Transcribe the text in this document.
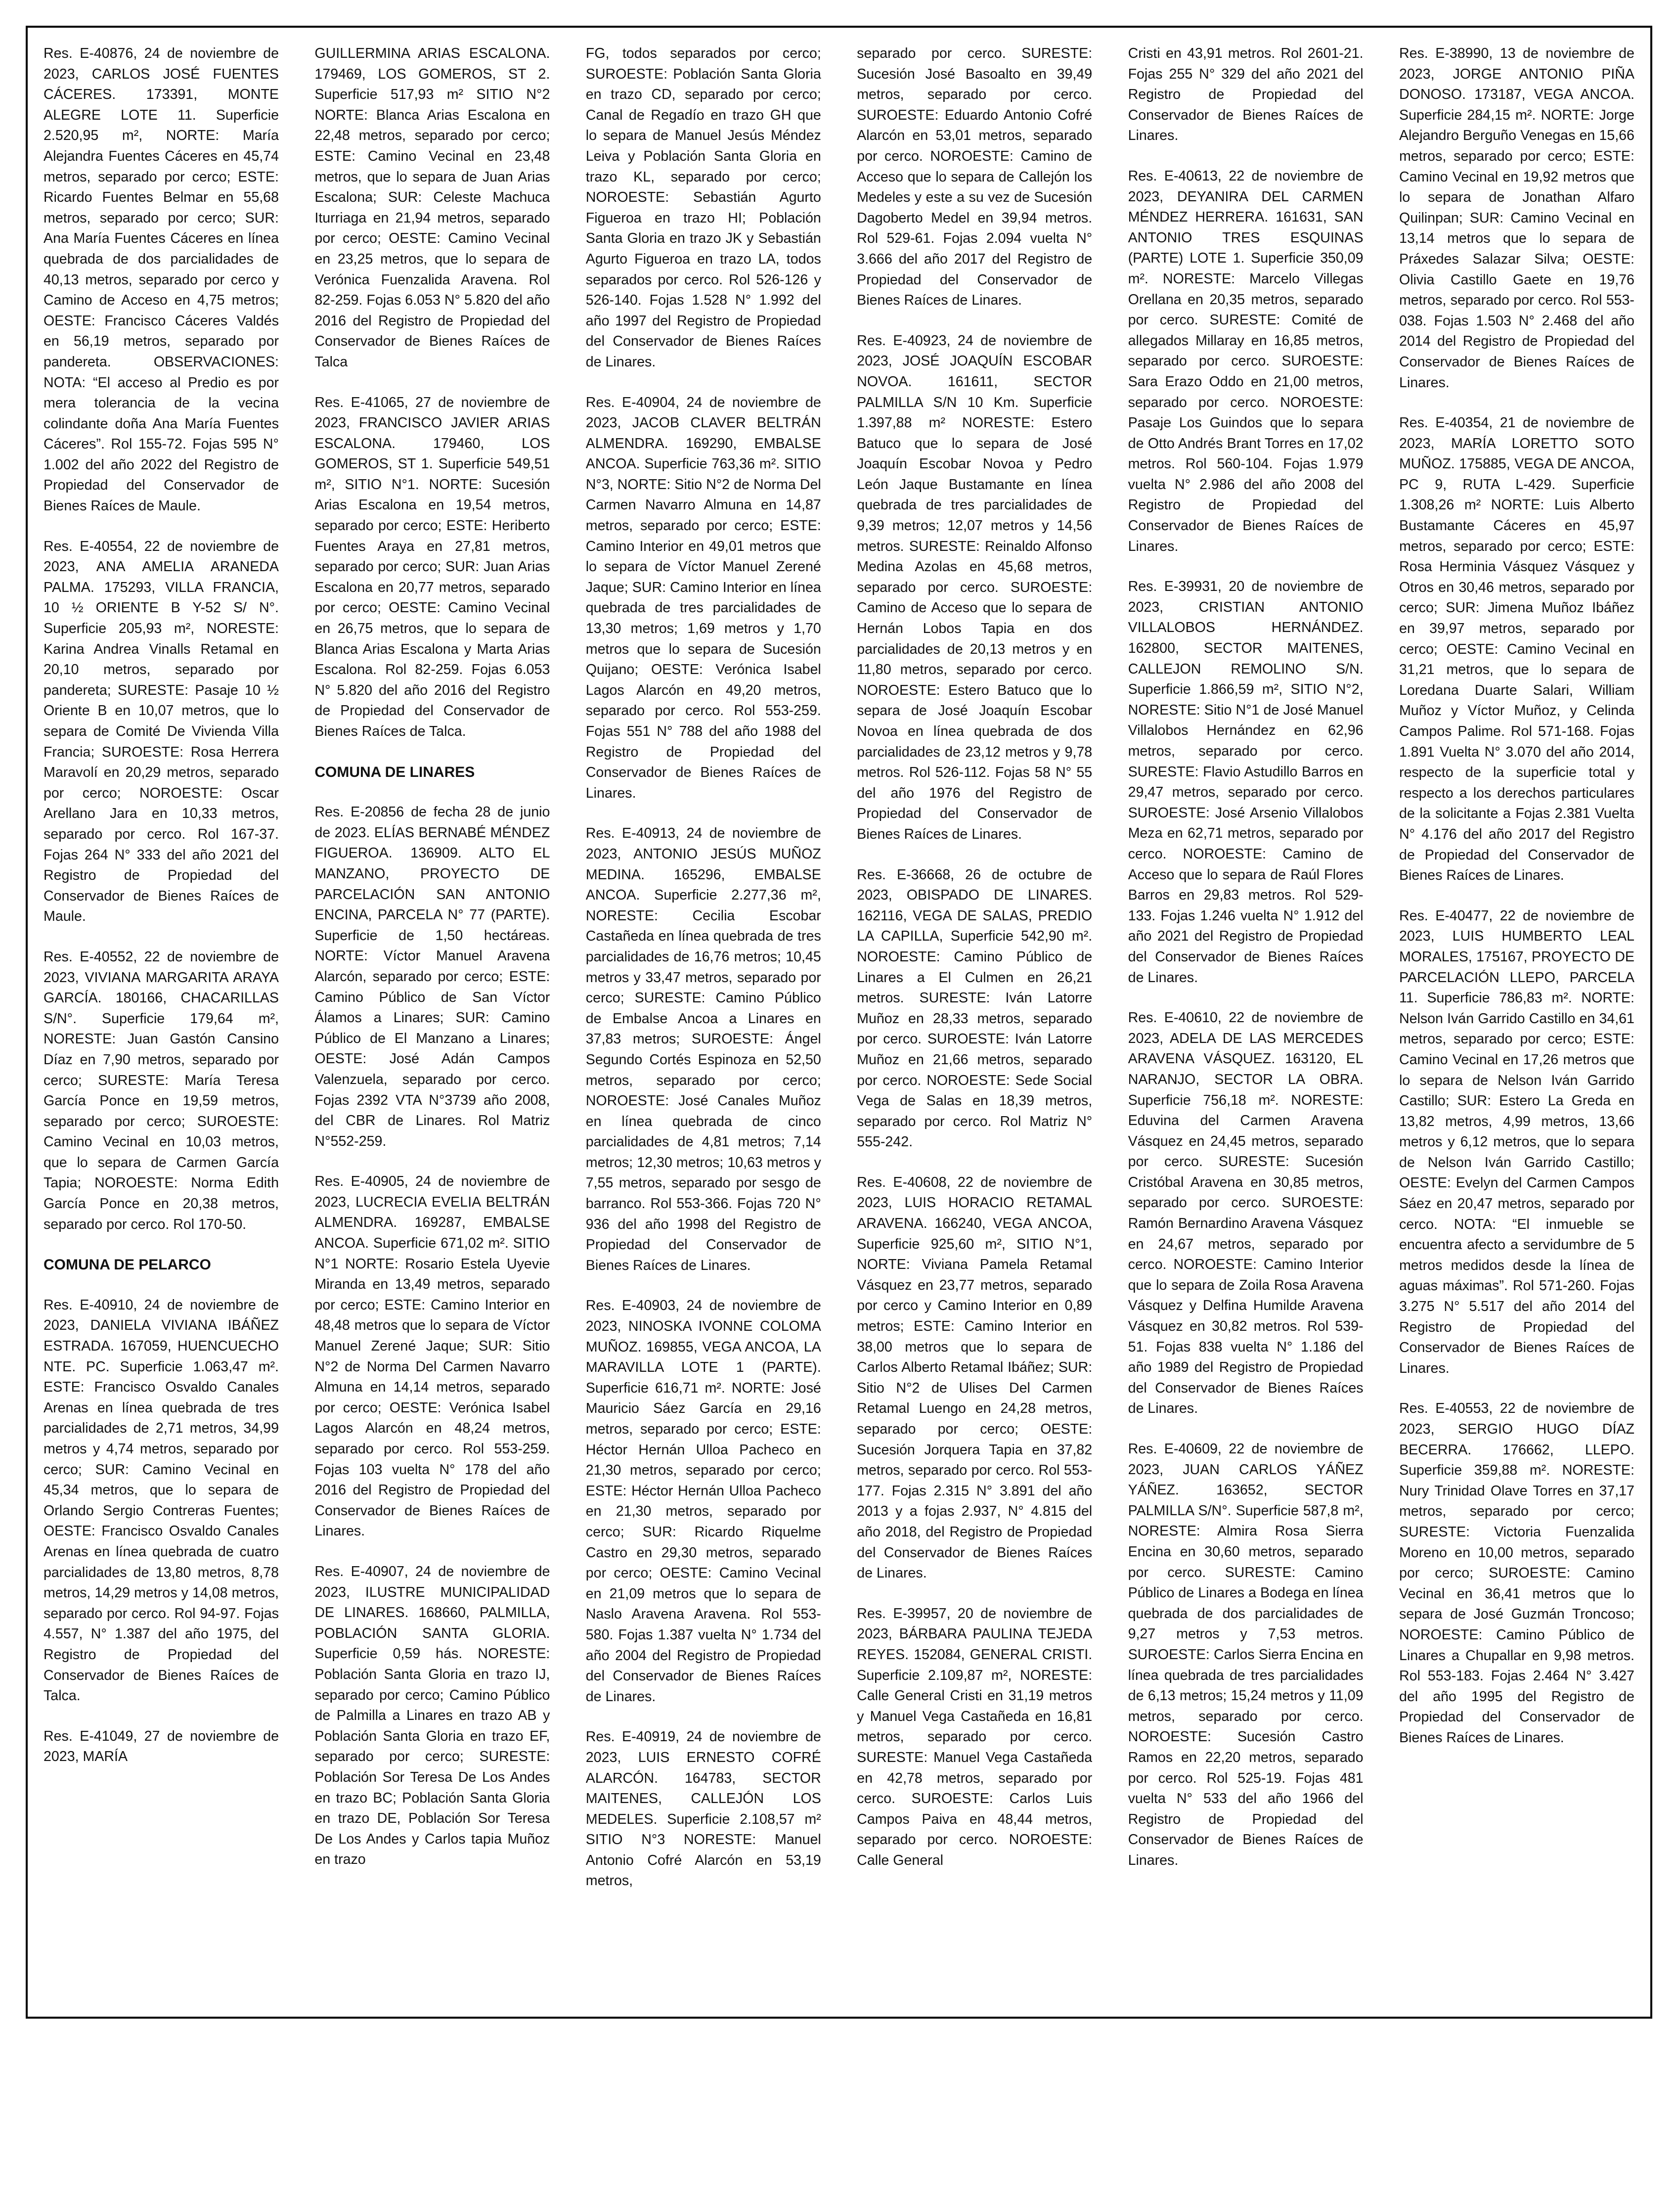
Res. E-40876, 24 de noviembre de 2023, CARLOS JOSÉ FUENTES CÁCERES. 173391, MONTE ALEGRE LOTE 11. Superficie 2.520,95 m², NORTE: María Alejandra Fuentes Cáceres en 45,74 metros, separado por cerco; ESTE: Ricardo Fuentes Belmar en 55,68 metros, separado por cerco; SUR: Ana María Fuentes Cáceres en línea quebrada de dos parcialidades de 40,13 metros, separado por cerco y Camino de Acceso en 4,75 metros; OESTE: Francisco Cáceres Valdés en 56,19 metros, separado por pandereta. OBSERVACIONES: NOTA: “El acceso al Predio es por mera tolerancia de la vecina colindante doña Ana María Fuentes Cáceres”. Rol 155-72. Fojas 595 N° 1.002 del año 2022 del Registro de Propiedad del Conservador de Bienes Raíces de Maule.

Res. E-40554, 22 de noviembre de 2023, ANA AMELIA ARANEDA PALMA. 175293, VILLA FRANCIA, 10 ½ ORIENTE B Y-52 S/ N°. Superficie 205,93 m², NORESTE: Karina Andrea Vinalls Retamal en 20,10 metros, separado por pandereta; SURESTE: Pasaje 10 ½ Oriente B en 10,07 metros, que lo separa de Comité De Vivienda Villa Francia; SUROESTE: Rosa Herrera Maravolí en 20,29 metros, separado por cerco; NOROESTE: Oscar Arellano Jara en 10,33 metros, separado por cerco. Rol 167-37. Fojas 264 N° 333 del año 2021 del Registro de Propiedad del Conservador de Bienes Raíces de Maule.

Res. E-40552, 22 de noviembre de 2023, VIVIANA MARGARITA ARAYA GARCÍA. 180166, CHACARILLAS S/N°. Superficie 179,64 m², NORESTE: Juan Gastón Cansino Díaz en 7,90 metros, separado por cerco; SURESTE: María Teresa García Ponce en 19,59 metros, separado por cerco; SUROESTE: Camino Vecinal en 10,03 metros, que lo separa de Carmen García Tapia; NOROESTE: Norma Edith García Ponce en 20,38 metros, separado por cerco. Rol 170-50.

COMUNA DE PELARCO

Res. E-40910, 24 de noviembre de 2023, DANIELA VIVIANA IBÁÑEZ ESTRADA. 167059, HUENCUECHO NTE. PC. Superficie 1.063,47 m². ESTE: Francisco Osvaldo Canales Arenas en línea quebrada de tres parcialidades de 2,71 metros, 34,99 metros y 4,74 metros, separado por cerco; SUR: Camino Vecinal en 45,34 metros, que lo separa de Orlando Sergio Contreras Fuentes; OESTE: Francisco Osvaldo Canales Arenas en línea quebrada de cuatro parcialidades de 13,80 metros, 8,78 metros, 14,29 metros y 14,08 metros, separado por cerco. Rol 94-97. Fojas 4.557, N° 1.387 del año 1975, del Registro de Propiedad del Conservador de Bienes Raíces de Talca.

Res. E-41049, 27 de noviembre de 2023, MARÍA

GUILLERMINA ARIAS ESCALONA. 179469, LOS GOMEROS, ST 2. Superficie 517,93 m² SITIO N°2 NORTE: Blanca Arias Escalona en 22,48 metros, separado por cerco; ESTE: Camino Vecinal en 23,48 metros, que lo separa de Juan Arias Escalona; SUR: Celeste Machuca Iturriaga en 21,94 metros, separado por cerco; OESTE: Camino Vecinal en 23,25 metros, que lo separa de Verónica Fuenzalida Aravena. Rol 82-259. Fojas 6.053 N° 5.820 del año 2016 del Registro de Propiedad del Conservador de Bienes Raíces de Talca

Res. E-41065, 27 de noviembre de 2023, FRANCISCO JAVIER ARIAS ESCALONA. 179460, LOS GOMEROS, ST 1. Superficie 549,51 m², SITIO N°1. NORTE: Sucesión Arias Escalona en 19,54 metros, separado por cerco; ESTE: Heriberto Fuentes Araya en 27,81 metros, separado por cerco; SUR: Juan Arias Escalona en 20,77 metros, separado por cerco; OESTE: Camino Vecinal en 26,75 metros, que lo separa de Blanca Arias Escalona y Marta Arias Escalona. Rol 82-259. Fojas 6.053 N° 5.820 del año 2016 del Registro de Propiedad del Conservador de Bienes Raíces de Talca.

COMUNA DE LINARES

Res. E-20856 de fecha 28 de junio de 2023. ELÍAS BERNABÉ MÉNDEZ FIGUEROA. 136909. ALTO EL MANZANO, PROYECTO DE PARCELACIÓN SAN ANTONIO ENCINA, PARCELA N° 77 (PARTE). Superficie de 1,50 hectáreas. NORTE: Víctor Manuel Aravena Alarcón, separado por cerco; ESTE: Camino Público de San Víctor Álamos a Linares; SUR: Camino Público de El Manzano a Linares; OESTE: José Adán Campos Valenzuela, separado por cerco. Fojas 2392 VTA N°3739 año 2008, del CBR de Linares. Rol Matriz N°552-259.

Res. E-40905, 24 de noviembre de 2023, LUCRECIA EVELIA BELTRÁN ALMENDRA. 169287, EMBALSE ANCOA. Superficie 671,02 m². SITIO N°1 NORTE: Rosario Estela Uyevie Miranda en 13,49 metros, separado por cerco; ESTE: Camino Interior en 48,48 metros que lo separa de Víctor Manuel Zerené Jaque; SUR: Sitio N°2 de Norma Del Carmen Navarro Almuna en 14,14 metros, separado por cerco; OESTE: Verónica Isabel Lagos Alarcón en 48,24 metros, separado por cerco. Rol 553-259. Fojas 103 vuelta N° 178 del año 2016 del Registro de Propiedad del Conservador de Bienes Raíces de Linares.

Res. E-40907, 24 de noviembre de 2023, ILUSTRE MUNICIPALIDAD DE LINARES. 168660, PALMILLA, POBLACIÓN SANTA GLORIA. Superficie 0,59 hás. NORESTE: Población Santa Gloria en trazo IJ, separado por cerco; Camino Público de Palmilla a Linares en trazo AB y Población Santa Gloria en trazo EF, separado por cerco; SURESTE: Población Sor Teresa De Los Andes en trazo BC; Población Santa Gloria en trazo DE, Población Sor Teresa De Los Andes y Carlos tapia Muñoz en trazo

FG, todos separados por cerco; SUROESTE: Población Santa Gloria en trazo CD, separado por cerco; Canal de Regadío en trazo GH que lo separa de Manuel Jesús Méndez Leiva y Población Santa Gloria en trazo KL, separado por cerco; NOROESTE: Sebastián Agurto Figueroa en trazo HI; Población Santa Gloria en trazo JK y Sebastián Agurto Figueroa en trazo LA, todos separados por cerco. Rol 526-126 y 526-140. Fojas 1.528 N° 1.992 del año 1997 del Registro de Propiedad del Conservador de Bienes Raíces de Linares.

Res. E-40904, 24 de noviembre de 2023, JACOB CLAVER BELTRÁN ALMENDRA. 169290, EMBALSE ANCOA. Superficie 763,36 m². SITIO N°3, NORTE: Sitio N°2 de Norma Del Carmen Navarro Almuna en 14,87 metros, separado por cerco; ESTE: Camino Interior en 49,01 metros que lo separa de Víctor Manuel Zerené Jaque; SUR: Camino Interior en línea quebrada de tres parcialidades de 13,30 metros; 1,69 metros y 1,70 metros que lo separa de Sucesión Quijano; OESTE: Verónica Isabel Lagos Alarcón en 49,20 metros, separado por cerco. Rol 553-259. Fojas 551 N° 788 del año 1988 del Registro de Propiedad del Conservador de Bienes Raíces de Linares.

Res. E-40913, 24 de noviembre de 2023, ANTONIO JESÚS MUÑOZ MEDINA. 165296, EMBALSE ANCOA. Superficie 2.277,36 m², NORESTE: Cecilia Escobar Castañeda en línea quebrada de tres parcialidades de 16,76 metros; 10,45 metros y 33,47 metros, separado por cerco; SURESTE: Camino Público de Embalse Ancoa a Linares en 37,83 metros; SUROESTE: Ángel Segundo Cortés Espinoza en 52,50 metros, separado por cerco; NOROESTE: José Canales Muñoz en línea quebrada de cinco parcialidades de 4,81 metros; 7,14 metros; 12,30 metros; 10,63 metros y 7,55 metros, separado por sesgo de barranco. Rol 553-366. Fojas 720 N° 936 del año 1998 del Registro de Propiedad del Conservador de Bienes Raíces de Linares.

Res. E-40903, 24 de noviembre de 2023, NINOSKA IVONNE COLOMA MUÑOZ. 169855, VEGA ANCOA, LA MARAVILLA LOTE 1 (PARTE). Superficie 616,71 m². NORTE: José Mauricio Sáez García en 29,16 metros, separado por cerco; ESTE: Héctor Hernán Ulloa Pacheco en 21,30 metros, separado por cerco; ESTE: Héctor Hernán Ulloa Pacheco en 21,30 metros, separado por cerco; SUR: Ricardo Riquelme Castro en 29,30 metros, separado por cerco; OESTE: Camino Vecinal en 21,09 metros que lo separa de Naslo Aravena Aravena. Rol 553-580. Fojas 1.387 vuelta N° 1.734 del año 2004 del Registro de Propiedad del Conservador de Bienes Raíces de Linares.

Res. E-40919, 24 de noviembre de 2023, LUIS ERNESTO COFRÉ ALARCÓN. 164783, SECTOR MAITENES, CALLEJÓN LOS MEDELES. Superficie 2.108,57 m² SITIO N°3 NORESTE: Manuel Antonio Cofré Alarcón en 53,19 metros,

separado por cerco. SURESTE: Sucesión José Basoalto en 39,49 metros, separado por cerco. SUROESTE: Eduardo Antonio Cofré Alarcón en 53,01 metros, separado por cerco. NOROESTE: Camino de Acceso que lo separa de Callejón los Medeles y este a su vez de Sucesión Dagoberto Medel en 39,94 metros. Rol 529-61. Fojas 2.094 vuelta N° 3.666 del año 2017 del Registro de Propiedad del Conservador de Bienes Raíces de Linares.

Res. E-40923, 24 de noviembre de 2023, JOSÉ JOAQUÍN ESCOBAR NOVOA. 161611, SECTOR PALMILLA S/N 10 Km. Superficie 1.397,88 m² NORESTE: Estero Batuco que lo separa de José Joaquín Escobar Novoa y Pedro León Jaque Bustamante en línea quebrada de tres parcialidades de 9,39 metros; 12,07 metros y 14,56 metros. SURESTE: Reinaldo Alfonso Medina Azolas en 45,68 metros, separado por cerco. SUROESTE: Camino de Acceso que lo separa de Hernán Lobos Tapia en dos parcialidades de 20,13 metros y en 11,80 metros, separado por cerco. NOROESTE: Estero Batuco que lo separa de José Joaquín Escobar Novoa en línea quebrada de dos parcialidades de 23,12 metros y 9,78 metros. Rol 526-112. Fojas 58 N° 55 del año 1976 del Registro de Propiedad del Conservador de Bienes Raíces de Linares.

Res. E-36668, 26 de octubre de 2023, OBISPADO DE LINARES. 162116, VEGA DE SALAS, PREDIO LA CAPILLA, Superficie 542,90 m². NOROESTE: Camino Público de Linares a El Culmen en 26,21 metros. SURESTE: Iván Latorre Muñoz en 28,33 metros, separado por cerco. SUROESTE: Iván Latorre Muñoz en 21,66 metros, separado por cerco. NOROESTE: Sede Social Vega de Salas en 18,39 metros, separado por cerco. Rol Matriz N° 555-242.

Res. E-40608, 22 de noviembre de 2023, LUIS HORACIO RETAMAL ARAVENA. 166240, VEGA ANCOA, Superficie 925,60 m², SITIO N°1, NORTE: Viviana Pamela Retamal Vásquez en 23,77 metros, separado por cerco y Camino Interior en 0,89 metros; ESTE: Camino Interior en 38,00 metros que lo separa de Carlos Alberto Retamal Ibáñez; SUR: Sitio N°2 de Ulises Del Carmen Retamal Luengo en 24,28 metros, separado por cerco; OESTE: Sucesión Jorquera Tapia en 37,82 metros, separado por cerco. Rol 553-177. Fojas 2.315 N° 3.891 del año 2013 y a fojas 2.937, N° 4.815 del año 2018, del Registro de Propiedad del Conservador de Bienes Raíces de Linares.

Res. E-39957, 20 de noviembre de 2023, BÁRBARA PAULINA TEJEDA REYES. 152084, GENERAL CRISTI. Superficie 2.109,87 m², NORESTE: Calle General Cristi en 31,19 metros y Manuel Vega Castañeda en 16,81 metros, separado por cerco. SURESTE: Manuel Vega Castañeda en 42,78 metros, separado por cerco. SUROESTE: Carlos Luis Campos Paiva en 48,44 metros, separado por cerco. NOROESTE: Calle General

Cristi en 43,91 metros. Rol 2601-21. Fojas 255 N° 329 del año 2021 del Registro de Propiedad del Conservador de Bienes Raíces de Linares.

Res. E-40613, 22 de noviembre de 2023, DEYANIRA DEL CARMEN MÉNDEZ HERRERA. 161631, SAN ANTONIO TRES ESQUINAS (PARTE) LOTE 1. Superficie 350,09 m². NORESTE: Marcelo Villegas Orellana en 20,35 metros, separado por cerco. SURESTE: Comité de allegados Millaray en 16,85 metros, separado por cerco. SUROESTE: Sara Erazo Oddo en 21,00 metros, separado por cerco. NOROESTE: Pasaje Los Guindos que lo separa de Otto Andrés Brant Torres en 17,02 metros. Rol 560-104. Fojas 1.979 vuelta N° 2.986 del año 2008 del Registro de Propiedad del Conservador de Bienes Raíces de Linares.

Res. E-39931, 20 de noviembre de 2023, CRISTIAN ANTONIO VILLALOBOS HERNÁNDEZ. 162800, SECTOR MAITENES, CALLEJON REMOLINO S/N. Superficie 1.866,59 m², SITIO N°2, NORESTE: Sitio N°1 de José Manuel Villalobos Hernández en 62,96 metros, separado por cerco. SURESTE: Flavio Astudillo Barros en 29,47 metros, separado por cerco. SUROESTE: José Arsenio Villalobos Meza en 62,71 metros, separado por cerco. NOROESTE: Camino de Acceso que lo separa de Raúl Flores Barros en 29,83 metros. Rol 529-133. Fojas 1.246 vuelta N° 1.912 del año 2021 del Registro de Propiedad del Conservador de Bienes Raíces de Linares.

Res. E-40610, 22 de noviembre de 2023, ADELA DE LAS MERCEDES ARAVENA VÁSQUEZ. 163120, EL NARANJO, SECTOR LA OBRA. Superficie 756,18 m². NORESTE: Eduvina del Carmen Aravena Vásquez en 24,45 metros, separado por cerco. SURESTE: Sucesión Cristóbal Aravena en 30,85 metros, separado por cerco. SUROESTE: Ramón Bernardino Aravena Vásquez en 24,67 metros, separado por cerco. NOROESTE: Camino Interior que lo separa de Zoila Rosa Aravena Vásquez y Delfina Humilde Aravena Vásquez en 30,82 metros. Rol 539-51. Fojas 838 vuelta N° 1.186 del año 1989 del Registro de Propiedad del Conservador de Bienes Raíces de Linares.

Res. E-40609, 22 de noviembre de 2023, JUAN CARLOS YÁÑEZ YÁÑEZ. 163652, SECTOR PALMILLA S/N°. Superficie 587,8 m², NORESTE: Almira Rosa Sierra Encina en 30,60 metros, separado por cerco. SURESTE: Camino Público de Linares a Bodega en línea quebrada de dos parcialidades de 9,27 metros y 7,53 metros. SUROESTE: Carlos Sierra Encina en línea quebrada de tres parcialidades de 6,13 metros; 15,24 metros y 11,09 metros, separado por cerco. NOROESTE: Sucesión Castro Ramos en 22,20 metros, separado por cerco. Rol 525-19. Fojas 481 vuelta N° 533 del año 1966 del Registro de Propiedad del Conservador de Bienes Raíces de Linares.

Res. E-38990, 13 de noviembre de 2023, JORGE ANTONIO PIÑA DONOSO. 173187, VEGA ANCOA. Superficie 284,15 m². NORTE: Jorge Alejandro Berguño Venegas en 15,66 metros, separado por cerco; ESTE: Camino Vecinal en 19,92 metros que lo separa de Jonathan Alfaro Quilinpan; SUR: Camino Vecinal en 13,14 metros que lo separa de Práxedes Salazar Silva; OESTE: Olivia Castillo Gaete en 19,76 metros, separado por cerco. Rol 553-038. Fojas 1.503 N° 2.468 del año 2014 del Registro de Propiedad del Conservador de Bienes Raíces de Linares.

Res. E-40354, 21 de noviembre de 2023, MARÍA LORETTO SOTO MUÑOZ. 175885, VEGA DE ANCOA, PC 9, RUTA L-429. Superficie 1.308,26 m² NORTE: Luis Alberto Bustamante Cáceres en 45,97 metros, separado por cerco; ESTE: Rosa Herminia Vásquez Vásquez y Otros en 30,46 metros, separado por cerco; SUR: Jimena Muñoz Ibáñez en 39,97 metros, separado por cerco; OESTE: Camino Vecinal en 31,21 metros, que lo separa de Loredana Duarte Salari, William Muñoz y Víctor Muñoz, y Celinda Campos Palime. Rol 571-168. Fojas 1.891 Vuelta N° 3.070 del año 2014, respecto de la superficie total y respecto a los derechos particulares de la solicitante a Fojas 2.381 Vuelta N° 4.176 del año 2017 del Registro de Propiedad del Conservador de Bienes Raíces de Linares.

Res. E-40477, 22 de noviembre de 2023, LUIS HUMBERTO LEAL MORALES, 175167, PROYECTO DE PARCELACIÓN LLEPO, PARCELA 11. Superficie 786,83 m². NORTE: Nelson Iván Garrido Castillo en 34,61 metros, separado por cerco; ESTE: Camino Vecinal en 17,26 metros que lo separa de Nelson Iván Garrido Castillo; SUR: Estero La Greda en 13,82 metros, 4,99 metros, 13,66 metros y 6,12 metros, que lo separa de Nelson Iván Garrido Castillo; OESTE: Evelyn del Carmen Campos Sáez en 20,47 metros, separado por cerco. NOTA: “El inmueble se encuentra afecto a servidumbre de 5 metros medidos desde la línea de aguas máximas”. Rol 571-260. Fojas 3.275 N° 5.517 del año 2014 del Registro de Propiedad del Conservador de Bienes Raíces de Linares.

Res. E-40553, 22 de noviembre de 2023, SERGIO HUGO DÍAZ BECERRA. 176662, LLEPO. Superficie 359,88 m². NORESTE: Nury Trinidad Olave Torres en 37,17 metros, separado por cerco; SURESTE: Victoria Fuenzalida Moreno en 10,00 metros, separado por cerco; SUROESTE: Camino Vecinal en 36,41 metros que lo separa de José Guzmán Troncoso; NOROESTE: Camino Público de Linares a Chupallar en 9,98 metros. Rol 553-183. Fojas 2.464 N° 3.427 del año 1995 del Registro de Propiedad del Conservador de Bienes Raíces de Linares.
